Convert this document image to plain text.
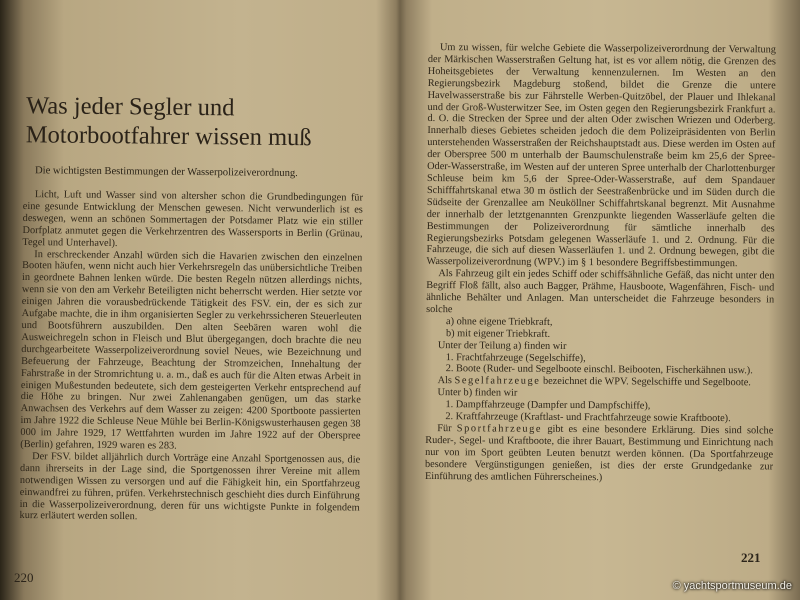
Was jeder Segler und Motorbootfahrer wissen muß
Die wichtigsten Bestimmungen der Wasserpolizeiverordnung.

Licht, Luft und Wasser sind von altersher schon die Grundbedingungen für eine gesunde Entwicklung der Menschen gewesen. Nicht verwunderlich ist es deswegen, wenn an schönen Sommertagen der Potsdamer Platz wie ein stiller Dorfplatz anmutet gegen die Verkehrzentren des Wassersports in Berlin (Grünau, Tegel und Unterhavel).

In erschreckender Anzahl würden sich die Havarien zwischen den einzelnen Booten häufen, wenn nicht auch hier Verkehrsregeln das unübersichtliche Treiben in geordnete Bahnen lenken würde. Die besten Regeln nützen allerdings nichts, wenn sie von den am Verkehr Beteiligten nicht beherrscht werden. Hier setzte vor einigen Jahren die vorausbedrückende Tätigkeit des FSV. ein, der es sich zur Aufgabe machte, die in ihm organisierten Segler zu verkehrssicheren Steuerleuten und Bootsführern auszubilden. Den alten Seebären waren wohl die Ausweichregeln schon in Fleisch und Blut übergegangen, doch brachte die neu durchgearbeitete Wasserpolizeiverordnung soviel Neues, wie Bezeichnung und Befeuerung der Fahrzeuge, Beachtung der Stromzeichen, Innehaltung der Fahrstraße in der Stromrichtung u. a. m., daß es auch für die Alten etwas Arbeit in einigen Mußestunden bedeutete, sich dem gesteigerten Verkehr entsprechend auf die Höhe zu bringen. Nur zwei Zahlenangaben genügen, um das starke Anwachsen des Verkehrs auf dem Wasser zu zeigen: 4200 Sportboote passierten im Jahre 1922 die Schleuse Neue Mühle bei Berlin-Königswusterhausen gegen 38 000 im Jahre 1929, 17 Wettfahrten wurden im Jahre 1922 auf der Oberspree (Berlin) gefahren, 1929 waren es 283.

Der FSV. bildet alljährlich durch Vorträge eine Anzahl Sportgenossen aus, die dann ihrerseits in der Lage sind, die Sportgenossen ihrer Vereine mit allem notwendigen Wissen zu versorgen und auf die Fähigkeit hin, ein Sportfahrzeug einwandfrei zu führen, prüfen. Verkehrstechnisch geschieht dies durch Einführung in die Wasserpolizeiverordnung, deren für uns wichtigste Punkte in folgendem kurz erläutert werden sollen.

220

Um zu wissen, für welche Gebiete die Wasserpolizeiverordnung der Verwaltung der Märkischen Wasserstraßen Geltung hat, ist es vor allem nötig, die Grenzen des Hoheitsgebietes der Verwaltung kennenzulernen. Im Westen an den Regierungsbezirk Magdeburg stoßend, bildet die Grenze die untere Havelwasserstraße bis zur Fährstelle Werben-Quitzöbel, der Plauer und Ihlekanal und der Groß-Wusterwitzer See, im Osten gegen den Regierungsbezirk Frankfurt a. d. O. die Strecken der Spree und der alten Oder zwischen Wriezen und Oderberg. Innerhalb dieses Gebietes scheiden jedoch die dem Polizeipräsidenten von Berlin unterstehenden Wasserstraßen der Reichshauptstadt aus. Diese werden im Osten auf der Oberspree 500 m unterhalb der Baumschulenstraße beim km 25,6 der Spree-Oder-Wasserstraße, im Westen auf der unteren Spree unterhalb der Charlottenburger Schleuse beim km 5,6 der Spree-Oder-Wasserstraße, auf dem Spandauer Schifffahrtskanal etwa 30 m östlich der Seestraßenbrücke und im Süden durch die Südseite der Grenzallee am Neuköllner Schiffahrtskanal begrenzt. Mit Ausnahme der innerhalb der letztgenannten Grenzpunkte liegenden Wasserläufe gelten die Bestimmungen der Polizeiverordnung für sämtliche innerhalb des Regierungsbezirks Potsdam gelegenen Wasserläufe 1. und 2. Ordnung. Für die Fahrzeuge, die sich auf diesen Wasserläufen 1. und 2. Ordnung bewegen, gibt die Wasserpolizeiverordnung (WPV.) im § 1 besondere Begriffsbestimmungen.

Als Fahrzeug gilt ein jedes Schiff oder schiffsähnliche Gefäß, das nicht unter den Begriff Floß fällt, also auch Bagger, Prähme, Hausboote, Wagenfähren, Fisch- und ähnliche Behälter und Anlagen. Man unterscheidet die Fahrzeuge besonders in solche

a) ohne eigene Triebkraft,

b) mit eigener Triebkraft.

Unter der Teilung a) finden wir

1. Frachtfahrzeuge (Segelschiffe),

2. Boote (Ruder- und Segelboote einschl. Beibooten, Fischerkähnen usw.).

Als Segelfahrzeuge bezeichnet die WPV. Segelschiffe und Segelboote.

Unter b) finden wir

1. Dampffahrzeuge (Dampfer und Dampfschiffe),

2. Kraftfahrzeuge (Kraftlast- und Frachtfahrzeuge sowie Kraftboote).

Für Sportfahrzeuge gibt es eine besondere Erklärung. Dies sind solche Ruder-, Segel- und Kraftboote, die ihrer Bauart, Bestimmung und Einrichtung nach nur von im Sport geübten Leuten benutzt werden können. (Da Sportfahrzeuge besondere Vergünstigungen genießen, ist dies der erste Grundgedanke zur Einführung des amtlichen Führerscheines.)

221
© yachtsportmuseum.de
